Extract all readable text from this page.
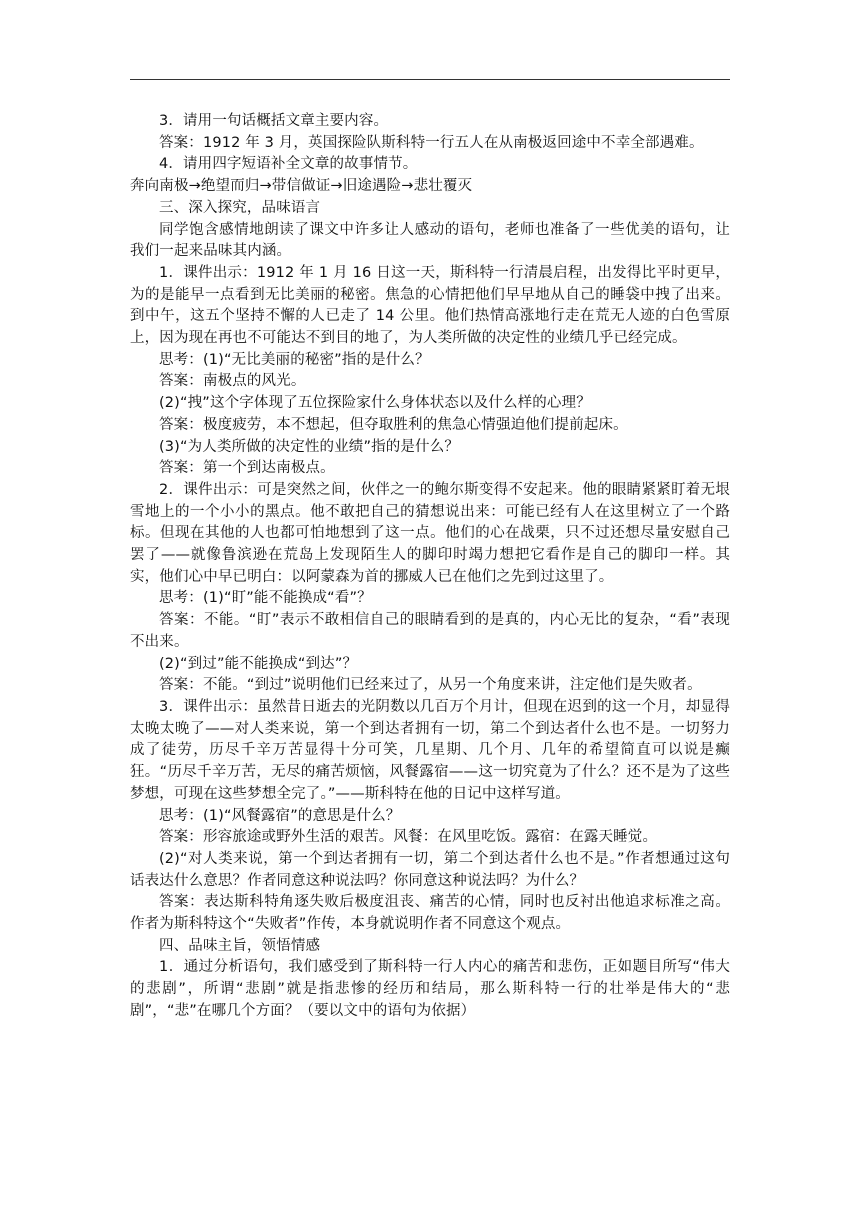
3．请用一句话概括文章主要内容。

答案：1912 年 3 月，英国探险队斯科特一行五人在从南极返回途中不幸全部遇难。

4．请用四字短语补全文章的故事情节。

奔向南极→绝望而归→带信做证→旧途遇险→悲壮覆灭

三、深入探究，品味语言

同学饱含感情地朗读了课文中许多让人感动的语句，老师也准备了一些优美的语句，让我们一起来品味其内涵。

1．课件出示：1912 年 1 月 16 日这一天，斯科特一行清晨启程，出发得比平时更早，为的是能早一点看到无比美丽的秘密。焦急的心情把他们早早地从自己的睡袋中拽了出来。到中午，这五个坚持不懈的人已走了 14 公里。他们热情高涨地行走在荒无人迹的白色雪原上，因为现在再也不可能达不到目的地了，为人类所做的决定性的业绩几乎已经完成。

思考：(1)“无比美丽的秘密”指的是什么？

答案：南极点的风光。

(2)“拽”这个字体现了五位探险家什么身体状态以及什么样的心理？

答案：极度疲劳，本不想起，但夺取胜利的焦急心情强迫他们提前起床。

(3)“为人类所做的决定性的业绩”指的是什么？

答案：第一个到达南极点。

2．课件出示：可是突然之间，伙伴之一的鲍尔斯变得不安起来。他的眼睛紧紧盯着无垠雪地上的一个小小的黑点。他不敢把自己的猜想说出来：可能已经有人在这里树立了一个路标。但现在其他的人也都可怕地想到了这一点。他们的心在战栗，只不过还想尽量安慰自己罢了——就像鲁滨逊在荒岛上发现陌生人的脚印时竭力想把它看作是自己的脚印一样。其实，他们心中早已明白：以阿蒙森为首的挪威人已在他们之先到过这里了。

思考：(1)“盯”能不能换成“看”？

答案：不能。“盯”表示不敢相信自己的眼睛看到的是真的，内心无比的复杂，“看”表现不出来。

(2)“到过”能不能换成“到达”？

答案：不能。“到过”说明他们已经来过了，从另一个角度来讲，注定他们是失败者。

3．课件出示：虽然昔日逝去的光阴数以几百万个月计，但现在迟到的这一个月，却显得太晚太晚了——对人类来说，第一个到达者拥有一切，第二个到达者什么也不是。一切努力成了徒劳，历尽千辛万苦显得十分可笑，几星期、几个月、几年的希望简直可以说是癫狂。“历尽千辛万苦，无尽的痛苦烦恼，风餐露宿——这一切究竟为了什么？还不是为了这些梦想，可现在这些梦想全完了。”——斯科特在他的日记中这样写道。

思考：(1)“风餐露宿”的意思是什么？

答案：形容旅途或野外生活的艰苦。风餐：在风里吃饭。露宿：在露天睡觉。

(2)“对人类来说，第一个到达者拥有一切，第二个到达者什么也不是。”作者想通过这句话表达什么意思？作者同意这种说法吗？你同意这种说法吗？为什么？

答案：表达斯科特角逐失败后极度沮丧、痛苦的心情，同时也反衬出他追求标准之高。作者为斯科特这个“失败者”作传，本身就说明作者不同意这个观点。

四、品味主旨，领悟情感

1．通过分析语句，我们感受到了斯科特一行人内心的痛苦和悲伤，正如题目所写“伟大的悲剧”，所谓“悲剧”就是指悲惨的经历和结局，那么斯科特一行的壮举是伟大的“悲剧”，“悲”在哪几个方面？（要以文中的语句为依据）
